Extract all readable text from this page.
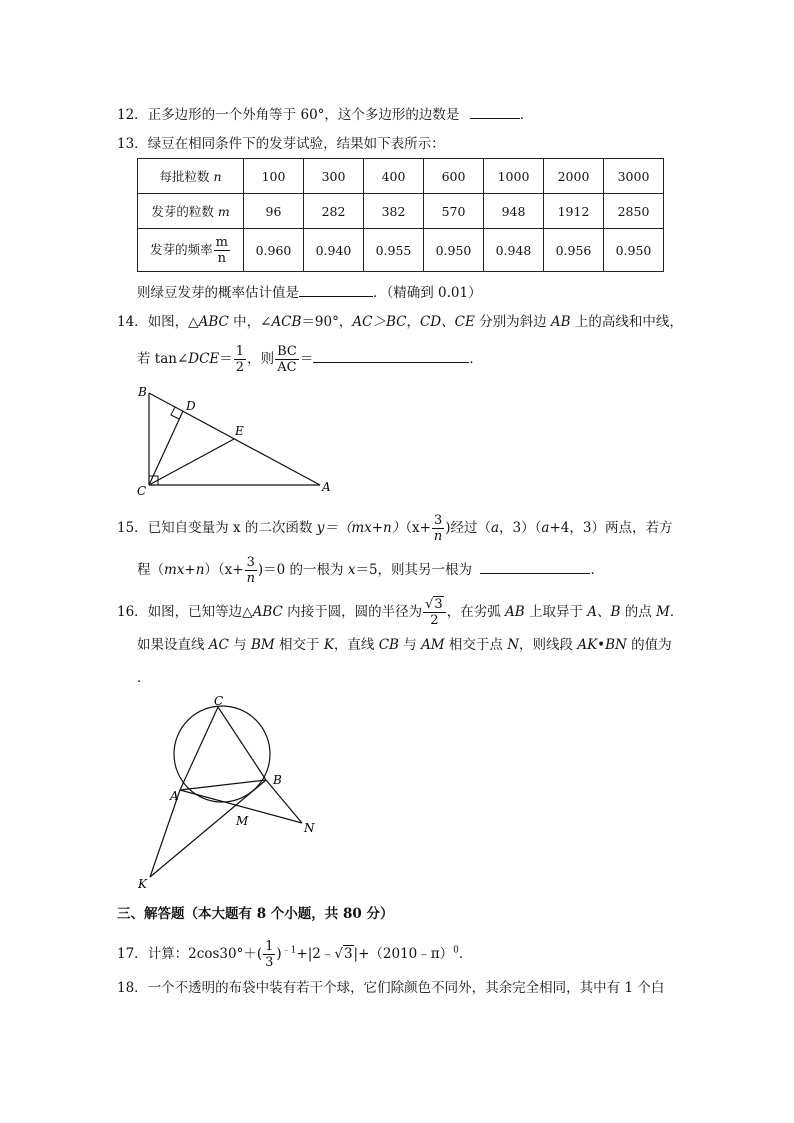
12．正多边形的一个外角等于 60°，这个多边形的边数是	．
13．绿豆在相同条件下的发芽试验，结果如下表所示：
每批粒数 n	100	300	400	600	1000	2000	3000
发芽的粒数 m	96	282	382	570	948	1912	2850
发芽的频率 $\frac{m}{n}$	0.960	0.940	0.955	0.950	0.948	0.956	0.950
则绿豆发芽的概率估计值是	．（精确到 0.01）
14．如图，△ABC 中，∠ACB＝90°，AC＞BC，CD、CE 分别为斜边 AB 上的高线和中线，
若 tan∠DCE＝ $\frac{1}{2}$ ，则 $\frac{BC}{AC}$ ＝	．
B
D
E
C	A
15．已知自变量为 x 的二次函数 $y=(mx+n)(x+ \frac{3}{n}$ )经过（a，3）（a+4，3）两点，若方
程$(mx+n)(x+ \frac{3}{n} )=0$ 的一根为 x＝5，则其另一根为	．
16．如图，已知等边△ABC 内接于圆，圆的半径为 $\frac{√3}{2}$ ，在劣弧 AB 上取异于 A、B 的点 M．
如果设直线 AC 与 BM 相交于 K，直线 CB 与 AM 相交于点 N，则线段 AK•BN 的值为
．
C
B
A
M	N
K
三、解答题（本大题有 8 个小题，共 80 分）
17．计算：$2\cos 30^\circ+( \frac{1}{3}$ )$^{﹣1}+|2﹣√3|+(2010﹣\pi)^0$．
18．一个不透明的布袋中装有若干个球，它们除颜色不同外，其余完全相同，其中有 1 个白
